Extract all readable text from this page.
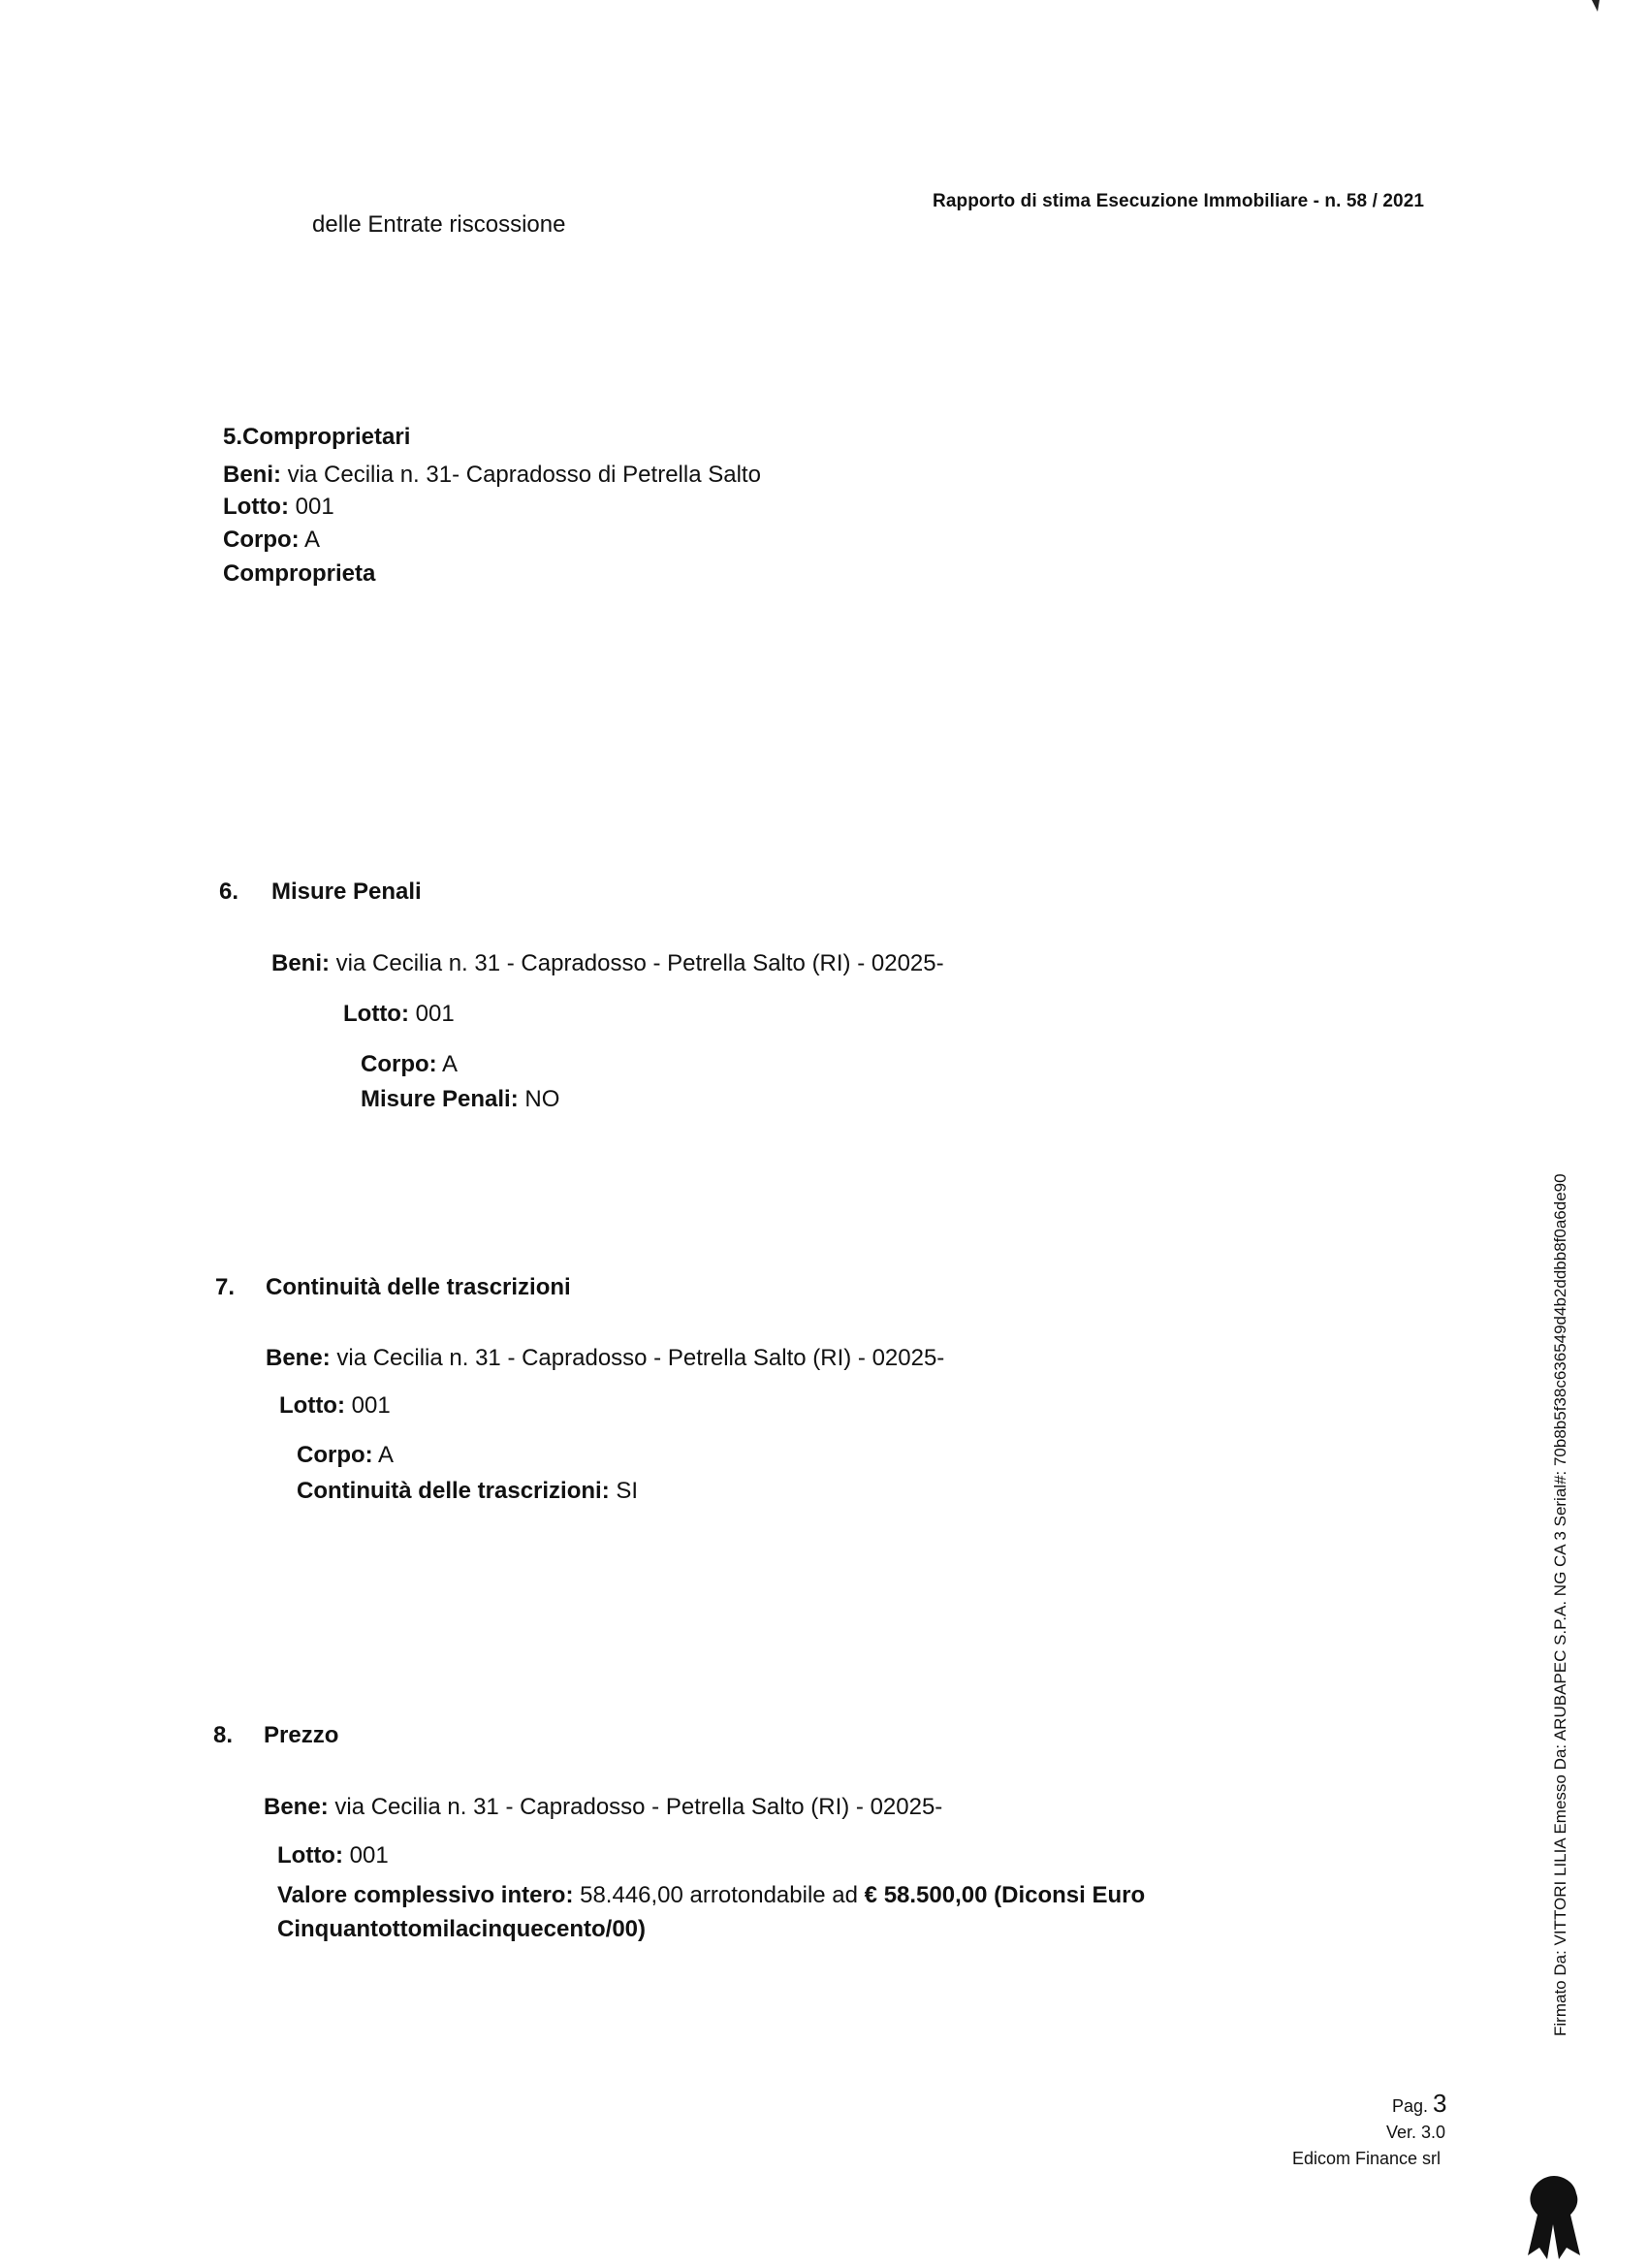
delle Entrate riscossione
Rapporto di stima Esecuzione Immobiliare - n. 58 / 2021
5.Comproprietari
Beni: via Cecilia n. 31- Capradosso di Petrella Salto
Lotto: 001
Corpo: A
Comproprieta
6. Misure Penali
Beni: via Cecilia n. 31 - Capradosso - Petrella Salto (RI) - 02025-
Lotto: 001
Corpo: A
Misure Penali: NO
7. Continuità delle trascrizioni
Bene: via Cecilia n. 31 - Capradosso - Petrella Salto (RI) - 02025-
Lotto: 001
Corpo: A
Continuità delle trascrizioni: SI
8. Prezzo
Bene: via Cecilia n. 31 - Capradosso - Petrella Salto (RI) - 02025-
Lotto: 001
Valore complessivo intero: 58.446,00 arrotondabile ad € 58.500,00 (Diconsi Euro
Cinquantottomilacinquecento/00)
Pag. 3
Ver. 3.0
Edicom Finance srl
Firmato Da: VITTORI LILIA Emesso Da: ARUBAPEC S.P.A. NG CA 3 Serial#: 70b8b5f38c636549d4b2ddbb8f0a6de90
